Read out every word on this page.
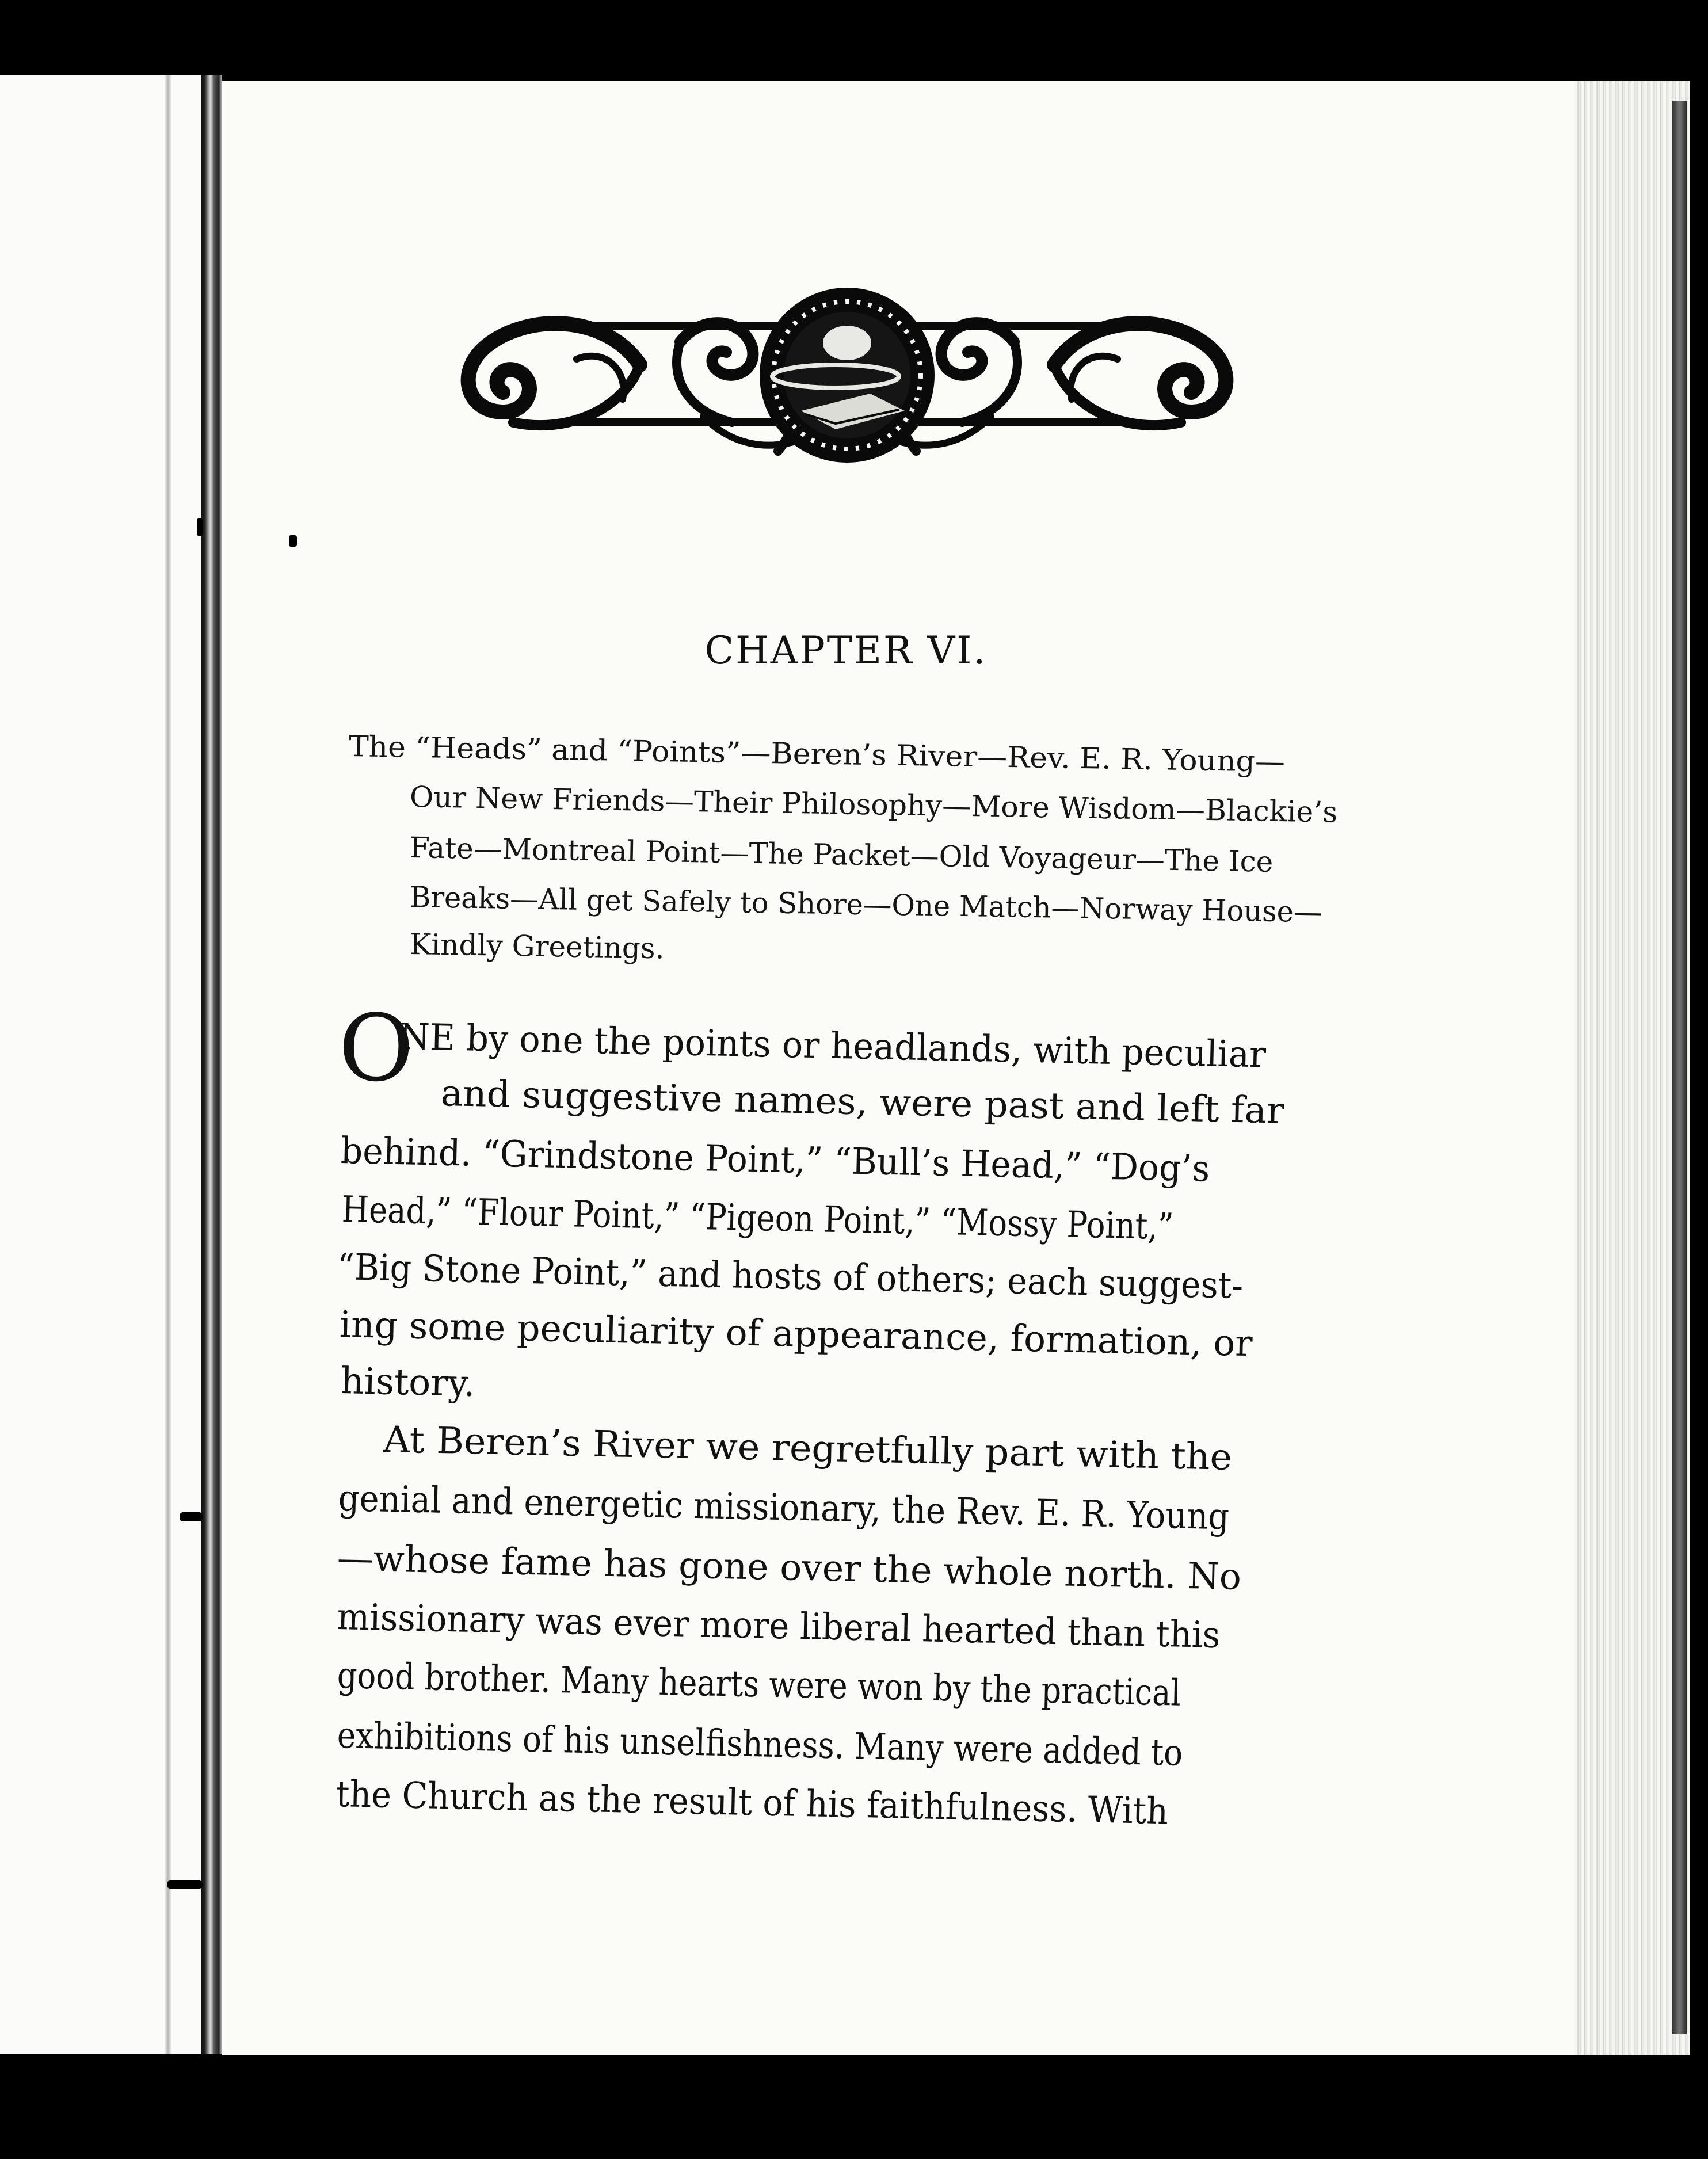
CHAPTER VI.
The “Heads” and “Points”—Beren’s River—Rev. E. R. Young—
Our New Friends—Their Philosophy—More Wisdom—Blackie’s
Fate—Montreal Point—The Packet—Old Voyageur—The Ice
Breaks—All get Safely to Shore—One Match—Norway House—
Kindly Greetings.
O
NE by one the points or headlands, with peculiar
and suggestive names, were past and left far
behind. “Grindstone Point,” “Bull’s Head,” “Dog’s
Head,” “Flour Point,” “Pigeon Point,” “Mossy Point,”
“Big Stone Point,” and hosts of others; each suggest-
ing some peculiarity of appearance, formation, or
history.
At Beren’s River we regretfully part with the
genial and energetic missionary, the Rev. E. R. Young
—whose fame has gone over the whole north. No
missionary was ever more liberal hearted than this
good brother. Many hearts were won by the practical
exhibitions of his unselfishness. Many were added to
the Church as the result of his faithfulness. With
